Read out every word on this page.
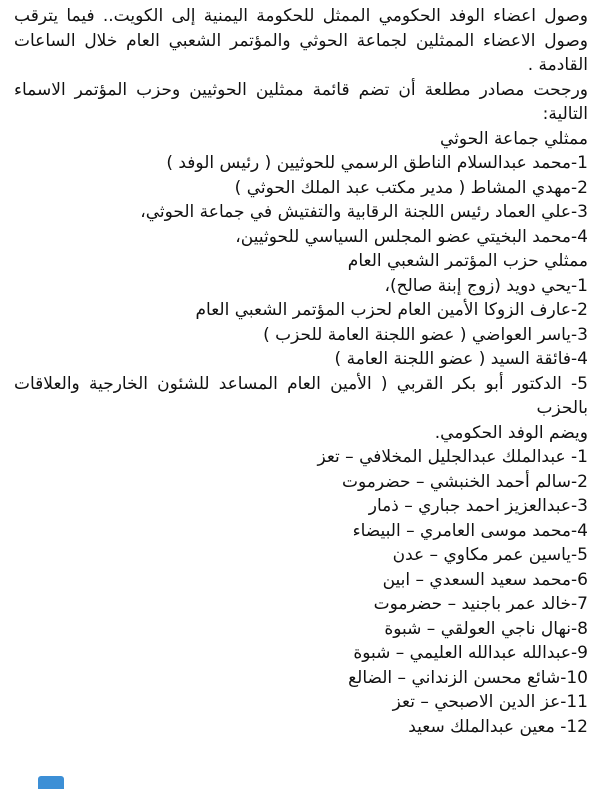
وصول اعضاء الوفد الحكومي الممثل للحكومة اليمنية إلى الكويت.. فيما يترقب وصول الاعضاء الممثلين لجماعة الحوثي والمؤتمر الشعبي العام خلال الساعات القادمة .

ورجحت مصادر مطلعة أن تضم قائمة ممثلين الحوثيين وحزب المؤتمر الاسماء التالية:

ممثلي جماعة الحوثي

1-محمد عبدالسلام الناطق الرسمي للحوثيين ( رئيس الوفد )

2-مهدي المشاط ( مدير مكتب عبد الملك الحوثي )

3-علي العماد رئيس اللجنة الرقابية والتفتيش في جماعة الحوثي،

4-محمد البخيتي عضو المجلس السياسي للحوثيين،

ممثلي حزب المؤتمر الشعبي العام

1-يحي دويد (زوج إبنة صالح)،

2-عارف الزوكا الأمين العام لحزب المؤتمر الشعبي العام

3-ياسر العواضي ( عضو اللجنة العامة للحزب )

4-فائقة السيد ( عضو اللجنة العامة )

5- الدكتور أبو بكر القربي ( الأمين العام المساعد للشئون الخارجية والعلاقات بالحزب

ويضم الوفد الحكومي.

1- عبدالملك عبدالجليل المخلافي – تعز

2-سالم أحمد الخنبشي – حضرموت

3-عبدالعزيز احمد جباري – ذمار

4-محمد موسى العامري – البيضاء

5-ياسين عمر مكاوي – عدن

6-محمد سعيد السعدي – ابين

7-خالد عمر باجنيد – حضرموت

8-نهال ناجي العولقي – شبوة

9-عبدالله عبدالله العليمي – شبوة

10-شائع محسن الزنداني – الضالع

11-عز الدين الاصبحي – تعز

12- معين عبدالملك سعيد
